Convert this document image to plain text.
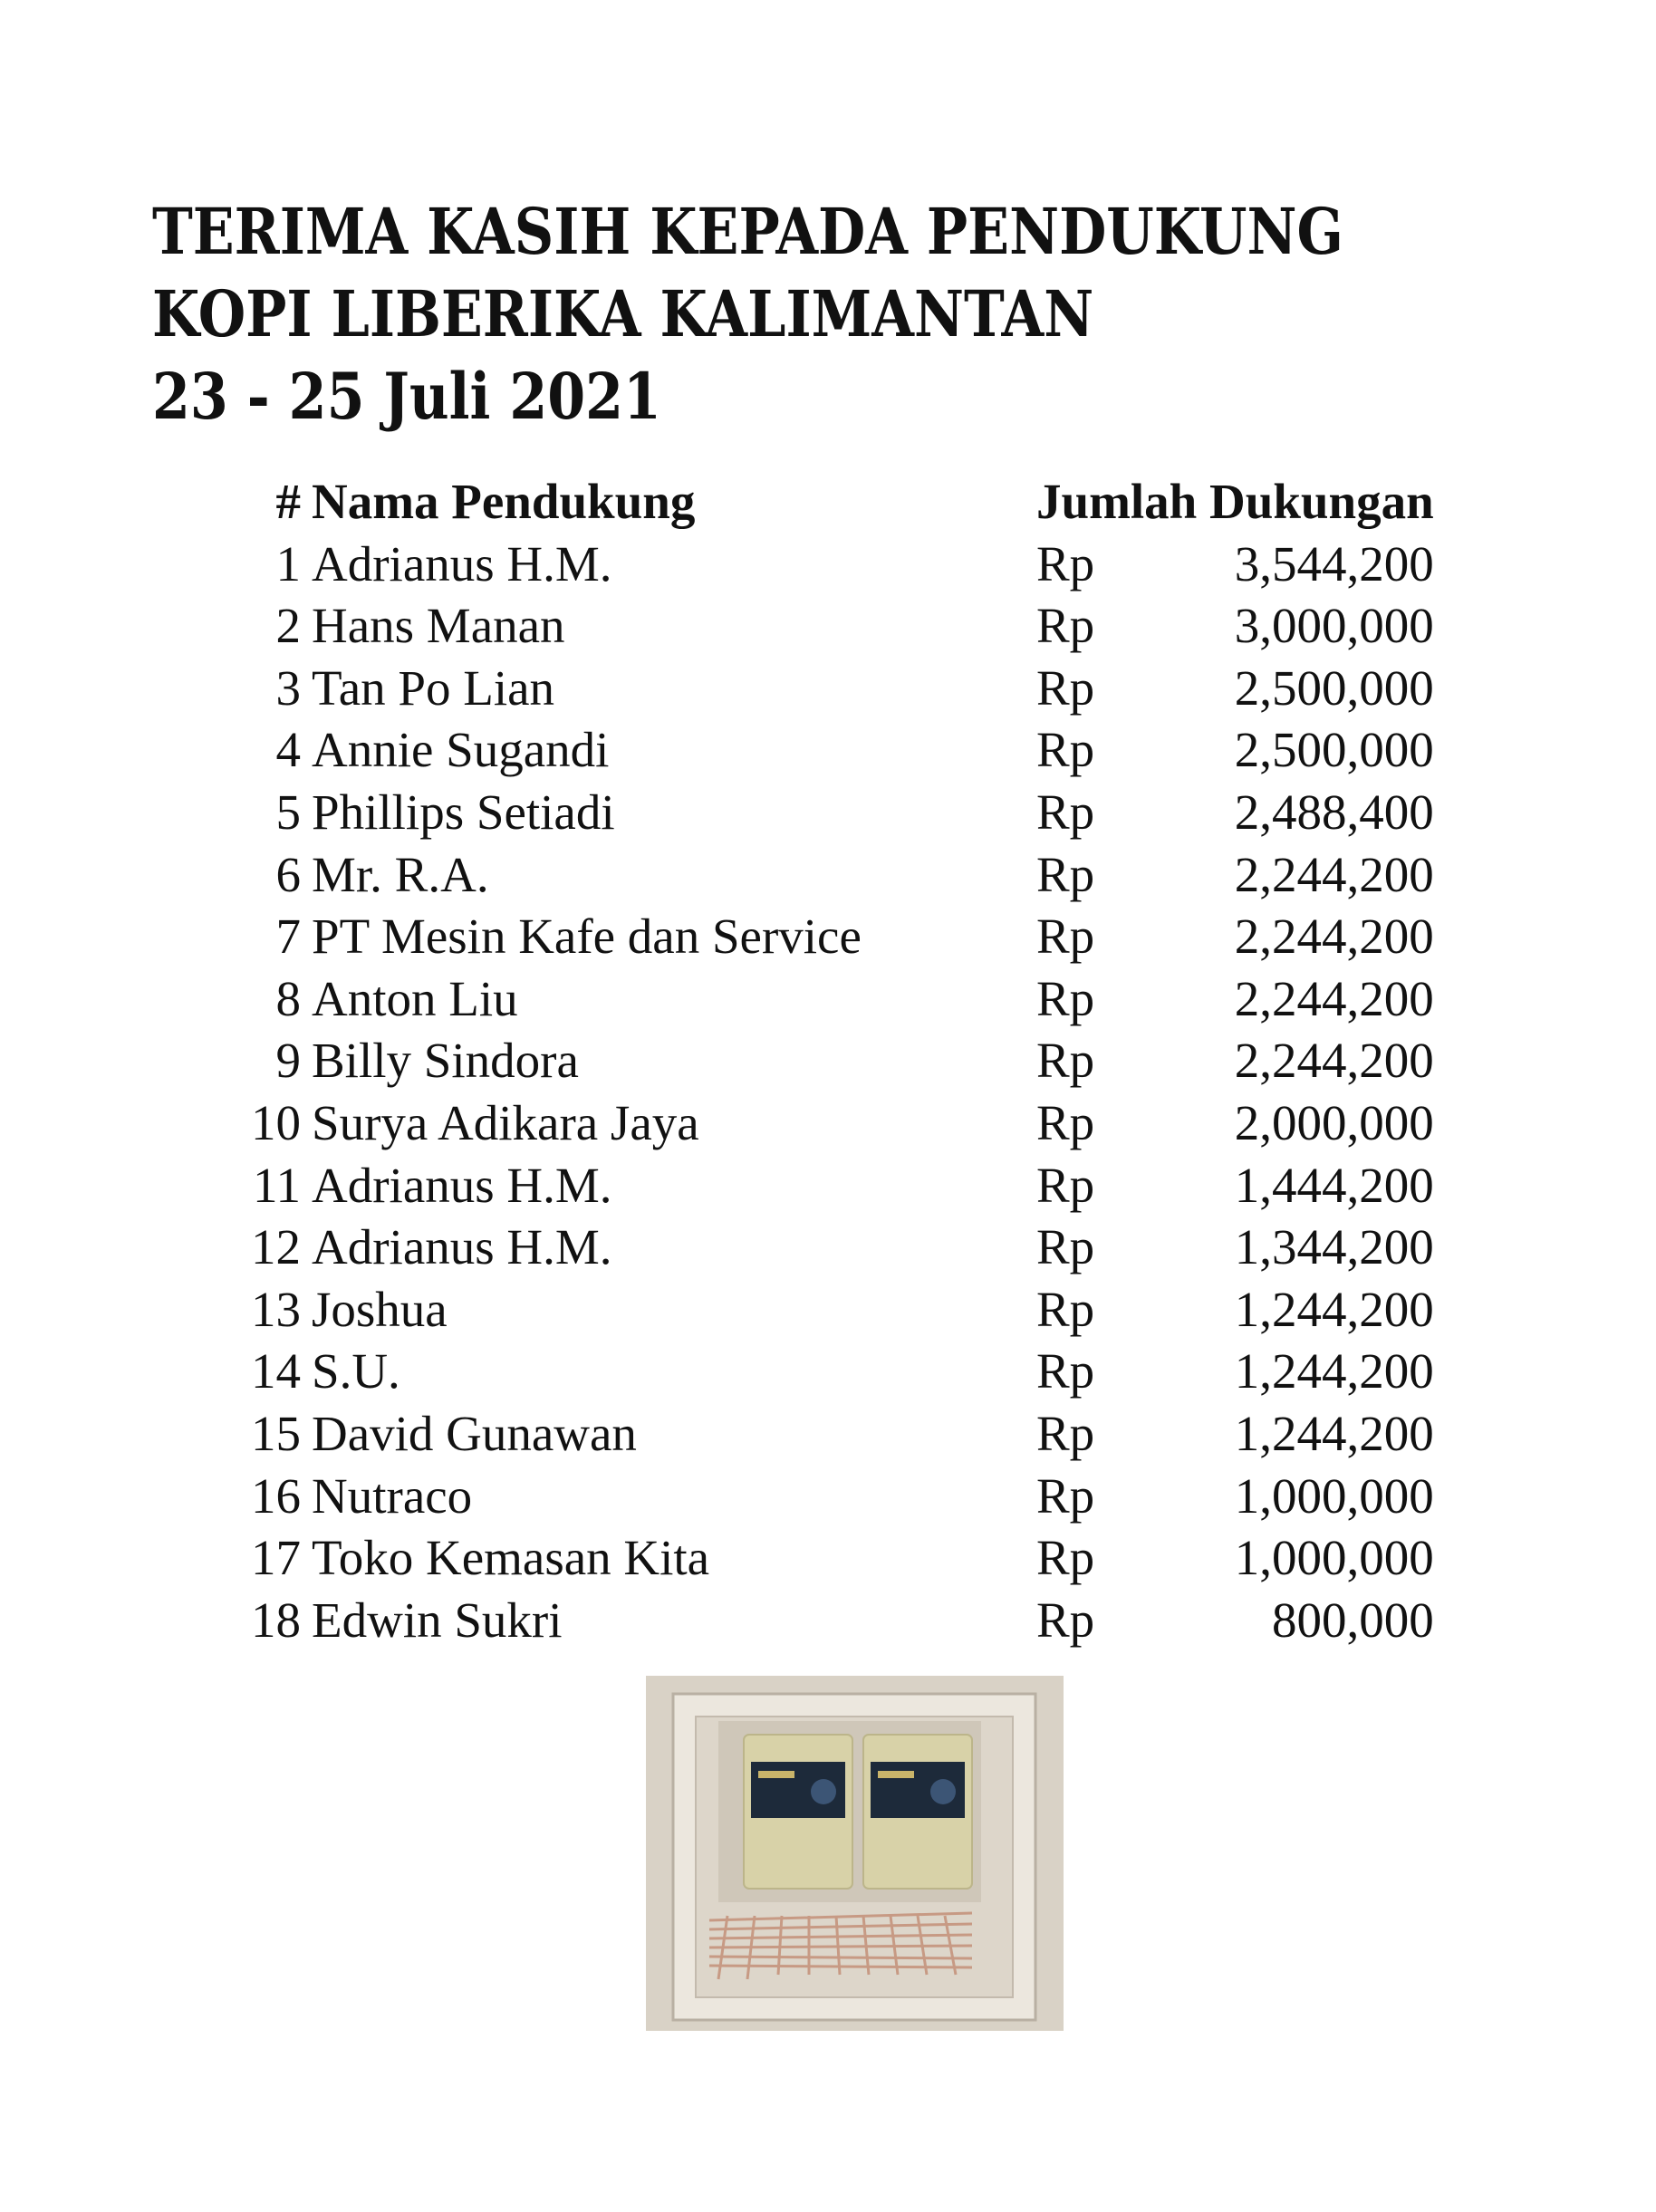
TERIMA KASIH KEPADA PENDUKUNG
KOPI LIBERIKA KALIMANTAN
23 - 25 Juli 2021
#	Nama Pendukung	Jumlah Dukungan	
1	Adrianus H.M.	Rp	3,544,200
2	Hans Manan	Rp	3,000,000
3	Tan Po Lian	Rp	2,500,000
4	Annie Sugandi	Rp	2,500,000
5	Phillips Setiadi	Rp	2,488,400
6	Mr. R.A.	Rp	2,244,200
7	PT Mesin Kafe dan Service	Rp	2,244,200
8	Anton Liu	Rp	2,244,200
9	Billy Sindora	Rp	2,244,200
10	Surya Adikara Jaya	Rp	2,000,000
11	Adrianus H.M.	Rp	1,444,200
12	Adrianus H.M.	Rp	1,344,200
13	Joshua	Rp	1,244,200
14	S.U.	Rp	1,244,200
15	David Gunawan	Rp	1,244,200
16	Nutraco	Rp	1,000,000
17	Toko Kemasan Kita	Rp	1,000,000
18	Edwin Sukri	Rp	800,000
